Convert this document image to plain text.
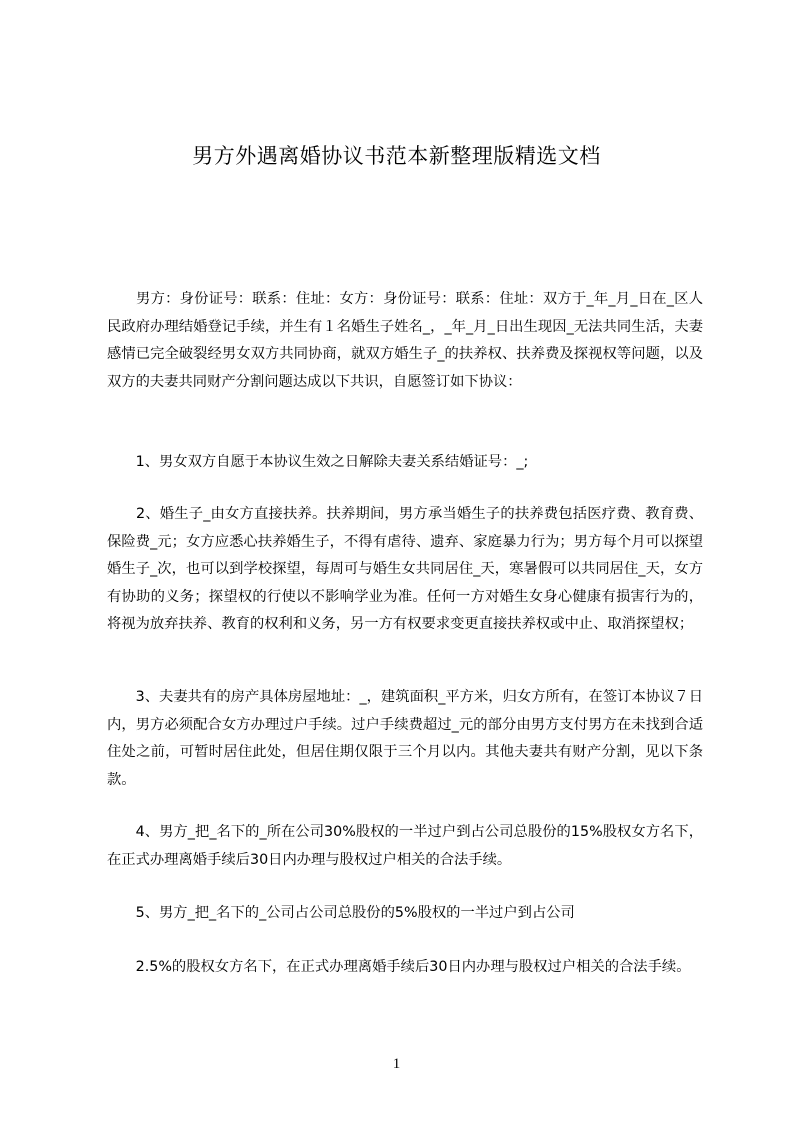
男方外遇离婚协议书范本新整理版精选文档
　　男方：身份证号：联系：住址：女方：身份证号：联系：住址：双方于_年_月_日在_区人民政府办理结婚登记手续，并生有１名婚生子姓名_，_年_月_日出生现因_无法共同生活，夫妻感情已完全破裂经男女双方共同协商，就双方婚生子_的扶养权、扶养费及探视权等问题，以及双方的夫妻共同财产分割问题达成以下共识，自愿签订如下协议：
　　1、男女双方自愿于本协议生效之日解除夫妻关系结婚证号：_;
　　2、婚生子_由女方直接扶养。扶养期间，男方承当婚生子的扶养费包括医疗费、教育费、保险费_元；女方应悉心扶养婚生子，不得有虐待、遗弃、家庭暴力行为；男方每个月可以探望婚生子_次，也可以到学校探望，每周可与婚生女共同居住_天，寒暑假可以共同居住_天，女方有协助的义务；探望权的行使以不影响学业为准。任何一方对婚生女身心健康有损害行为的，将视为放弃扶养、教育的权利和义务，另一方有权要求变更直接扶养权或中止、取消探望权；
　　3、夫妻共有的房产具体房屋地址：_，建筑面积_平方米，归女方所有，在签订本协议７日内，男方必须配合女方办理过户手续。过户手续费超过_元的部分由男方支付男方在未找到合适住处之前，可暂时居住此处，但居住期仅限于三个月以内。其他夫妻共有财产分割，见以下条款。
　　4、男方_把_名下的_所在公司30%股权的一半过户到占公司总股份的15%股权女方名下，在正式办理离婚手续后30日内办理与股权过户相关的合法手续。
　　5、男方_把_名下的_公司占公司总股份的5%股权的一半过户到占公司
　　2.5%的股权女方名下，在正式办理离婚手续后30日内办理与股权过户相关的合法手续。
1
